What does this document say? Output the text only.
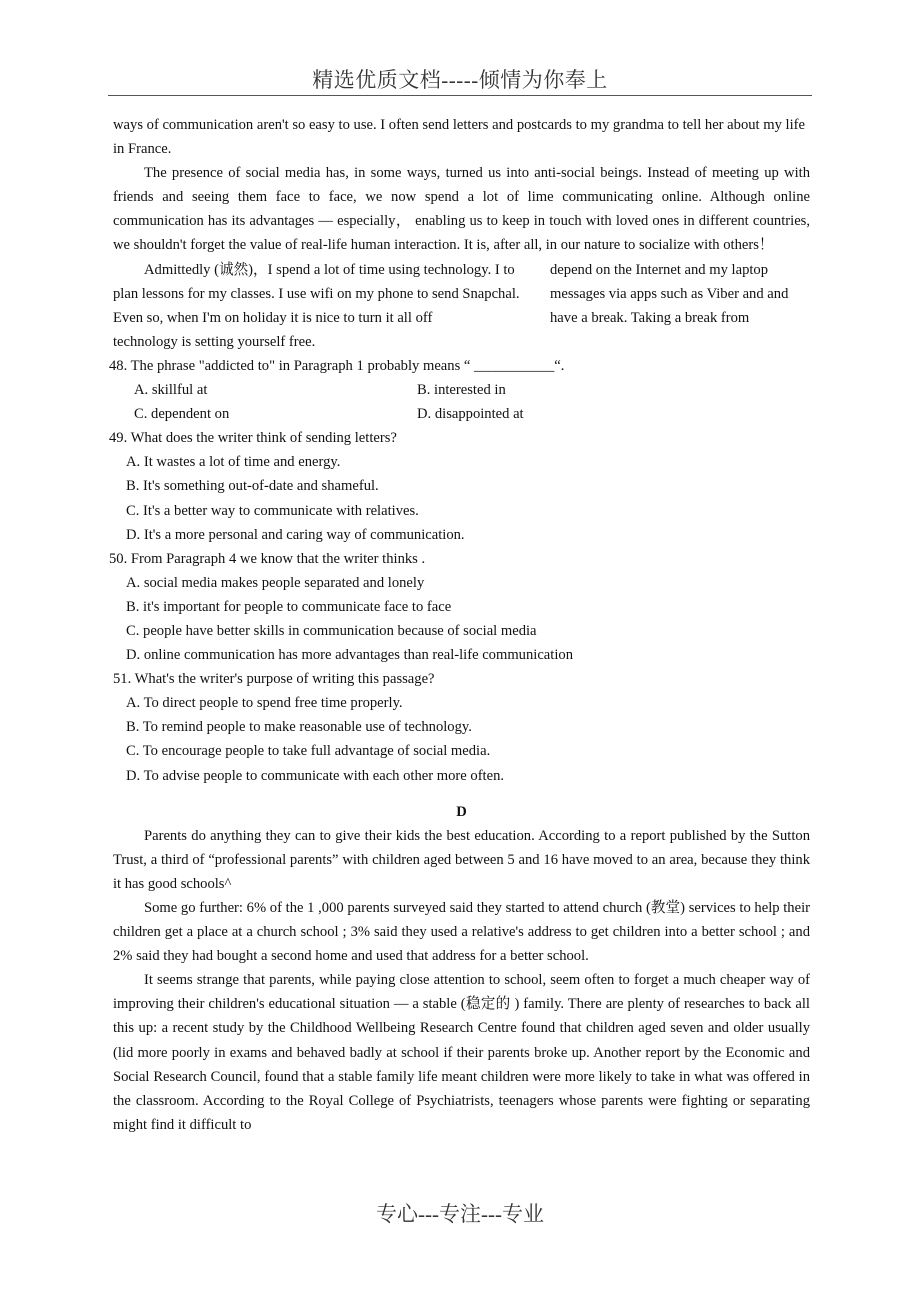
精选优质文档-----倾情为你奉上

ways of communication aren't so easy to use. I often send letters and postcards to my grandma to tell her about my life in France.

The presence of social media has, in some ways, turned us into anti-social beings. Instead of meeting up with friends and seeing them face to face, we now spend a lot of lime communicating online. Although online communication has its advantages — especially， enabling us to keep in touch with loved ones in different countries, we shouldn't forget the value of real-life human interaction. It is, after all, in our nature to socialize with others！

Admittedly (诚然)，I spend a lot of time using technology. I to plan lessons for my classes. I use wifi on my phone to send Snapchal. Even so, when I'm on holiday it is nice to turn it all off
depend on the Internet and my laptop messages via apps such as Viber and and have a break. Taking a break from

technology is setting yourself free.

48. The phrase "addicted to" in Paragraph 1 probably means “ ___________“.

A. skillful at	B. interested in
C. dependent on	D. disappointed at

49. What does the writer think of sending letters?

A. It wastes a lot of time and energy.

B. It's something out-of-date and shameful.

C. It's a better way to communicate with relatives.

D. It's a more personal and caring way of communication.

50. From Paragraph 4 we know that the writer thinks .

A. social media makes people separated and lonely

B. it's important for people to communicate face to face

C. people have better skills in communication because of social media

D. online communication has more advantages than real-life communication

51. What's the writer's purpose of writing this passage?

A. To direct people to spend free time properly.

B. To remind people to make reasonable use of technology.

C. To encourage people to take full advantage of social media.

D. To advise people to communicate with each other more often.

D

Parents do anything they can to give their kids the best education. According to a report published by the Sutton Trust, a third of “professional parents” with children aged between 5 and 16 have moved to an area, because they think it has good schools^

Some go further: 6% of the 1 ,000 parents surveyed said they started to attend church (教堂) services to help their children get a place at a church school ; 3% said they used a relative's address to get children into a better school ; and 2% said they had bought a second home and used that address for a better school.

It seems strange that parents, while paying close attention to school, seem often to forget a much cheaper way of improving their children's educational situation — a stable (稳定的 ) family. There are plenty of researches to back all this up: a recent study by the Childhood Wellbeing Research Centre found that children aged seven and older usually (lid more poorly in exams and behaved badly at school if their parents broke up. Another report by the Economic and Social Research Council, found that a stable family life meant children were more likely to take in what was offered in the classroom. According to the Royal College of Psychiatrists, teenagers whose parents were fighting or separating might find it difficult to

专心---专注---专业
